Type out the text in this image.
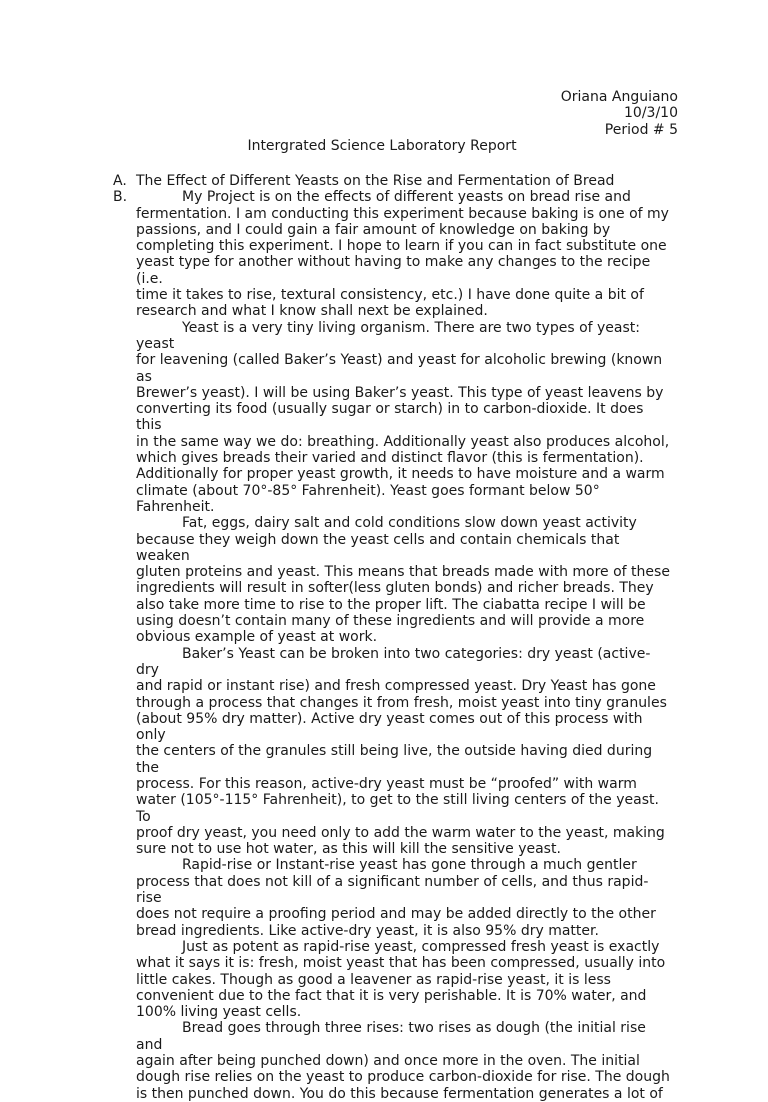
Oriana Anguiano
10/3/10
Period # 5
Intergrated Science Laboratory Report
A. The Effect of Different Yeasts on the Rise and Fermentation of Bread
B.	My Project is on the effects of different yeasts on bread rise and
fermentation. I am conducting this experiment because baking is one of my
passions, and I could gain a fair amount of knowledge on baking by
completing this experiment. I hope to learn if you can in fact substitute one
yeast type for another without having to make any changes to the recipe (i.e.
time it takes to rise, textural consistency, etc.) I have done quite a bit of
research and what I know shall next be explained.
Yeast is a very tiny living organism. There are two types of yeast: yeast
for leavening (called Baker’s Yeast) and yeast for alcoholic brewing (known as
Brewer’s yeast). I will be using Baker’s yeast. This type of yeast leavens by
converting its food (usually sugar or starch) in to carbon-dioxide. It does this
in the same way we do: breathing. Additionally yeast also produces alcohol,
which gives breads their varied and distinct flavor (this is fermentation).
Additionally for proper yeast growth, it needs to have moisture and a warm
climate (about 70°-85° Fahrenheit). Yeast goes formant below 50° Fahrenheit.
Fat, eggs, dairy salt and cold conditions slow down yeast activity
because they weigh down the yeast cells and contain chemicals that weaken
gluten proteins and yeast. This means that breads made with more of these
ingredients will result in softer(less gluten bonds) and richer breads. They
also take more time to rise to the proper lift. The ciabatta recipe I will be
using doesn’t contain many of these ingredients and will provide a more
obvious example of yeast at work.
Baker’s Yeast can be broken into two categories: dry yeast (active-dry
and rapid or instant rise) and fresh compressed yeast. Dry Yeast has gone
through a process that changes it from fresh, moist yeast into tiny granules
(about 95% dry matter). Active dry yeast comes out of this process with only
the centers of the granules still being live, the outside having died during the
process. For this reason, active-dry yeast must be “proofed” with warm
water (105°-115° Fahrenheit), to get to the still living centers of the yeast. To
proof dry yeast, you need only to add the warm water to the yeast, making
sure not to use hot water, as this will kill the sensitive yeast.
Rapid-rise or Instant-rise yeast has gone through a much gentler
process that does not kill of a significant number of cells, and thus rapid-rise
does not require a proofing period and may be added directly to the other
bread ingredients. Like active-dry yeast, it is also 95% dry matter.
Just as potent as rapid-rise yeast, compressed fresh yeast is exactly
what it says it is: fresh, moist yeast that has been compressed, usually into
little cakes. Though as good a leavener as rapid-rise yeast, it is less
convenient due to the fact that it is very perishable. It is 70% water, and
100% living yeast cells.
Bread goes through three rises: two rises as dough (the initial rise and
again after being punched down) and once more in the oven. The initial
dough rise relies on the yeast to produce carbon-dioxide for rise. The dough
is then punched down. You do this because fermentation generates a lot of
